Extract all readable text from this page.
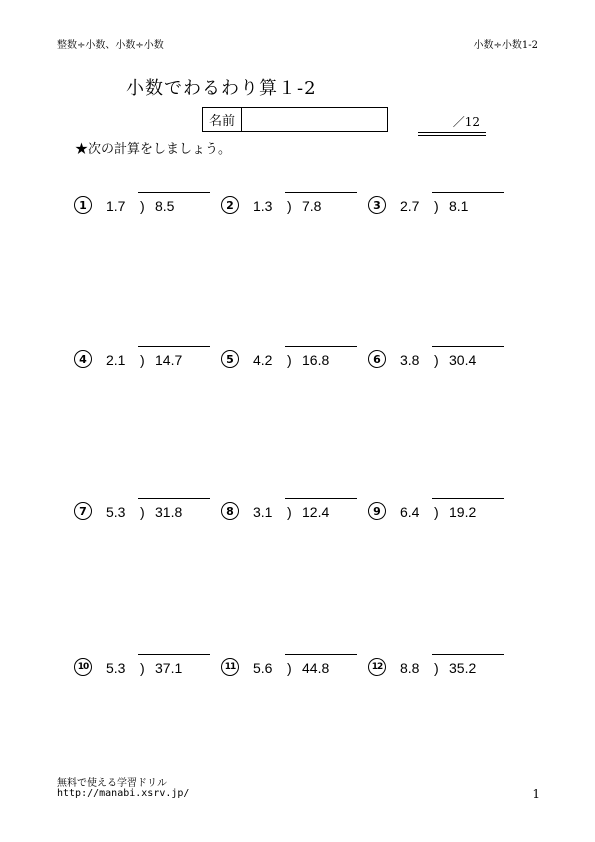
整数÷小数、小数÷小数	小数÷小数1-2
小数でわるわり算１-2
名前	／12
★次の計算をしましょう。
1	1.7 ) 8.5	2	1.3 ) 7.8	3	2.7 ) 8.1
4	2.1 ) 14.7	5	4.2 ) 16.8	6	3.8 ) 30.4
7	5.3 ) 31.8	8	3.1 ) 12.4	9	6.4 ) 19.2
10 5.3 ) 37.1	11 5.6 ) 44.8	12 8.8 ) 35.2
無料で使える学習ドリル
http://manabi.xsrv.jp/	1
